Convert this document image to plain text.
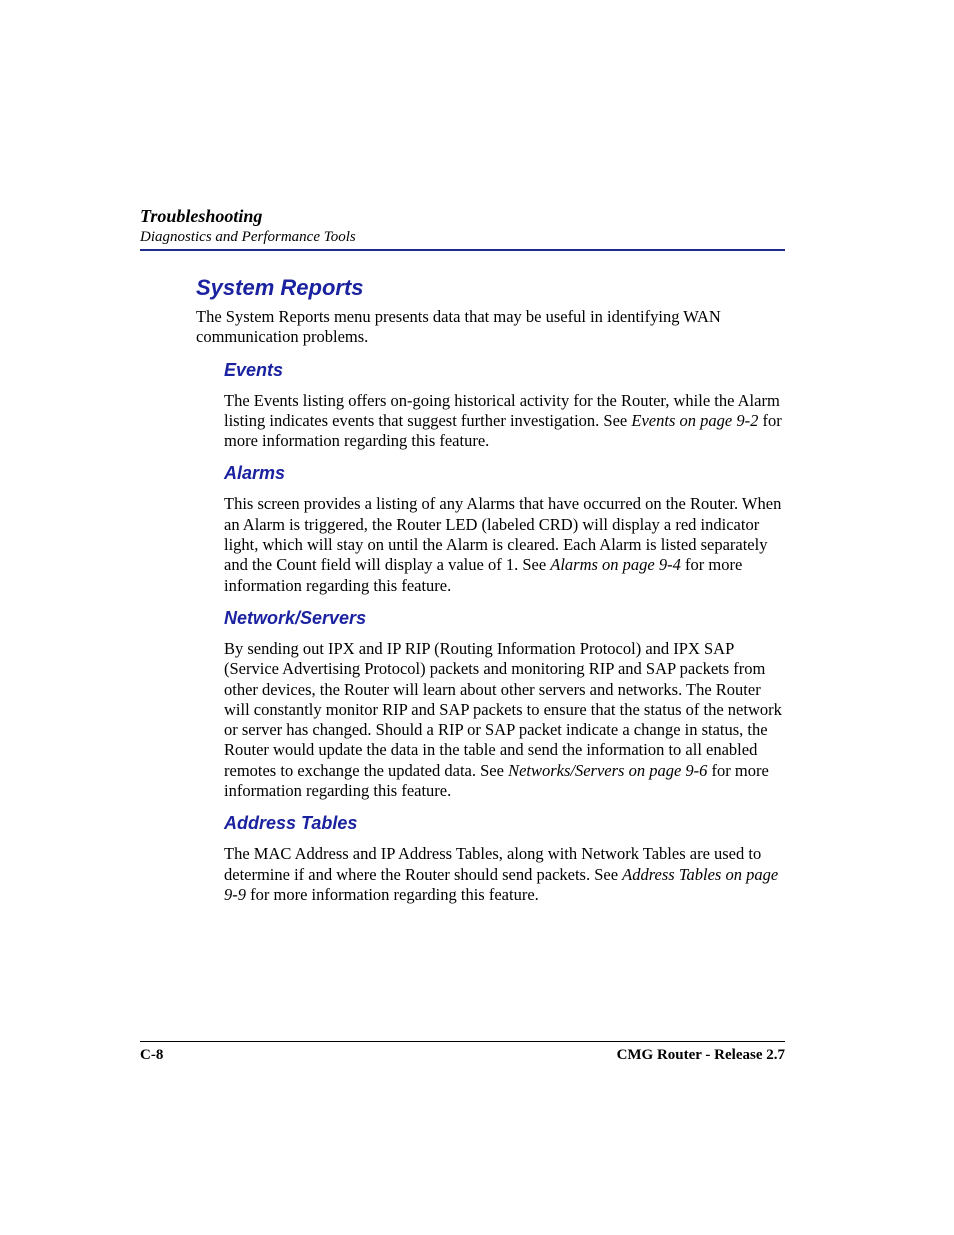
Troubleshooting
Diagnostics and Performance Tools
System Reports
The System Reports menu presents data that may be useful in identifying WAN communication problems.
Events
The Events listing offers on-going historical activity for the Router, while the Alarm listing indicates events that suggest further investigation. See Events on page 9-2 for more information regarding this feature.
Alarms
This screen provides a listing of any Alarms that have occurred on the Router. When an Alarm is triggered, the Router LED (labeled CRD) will display a red indicator light, which will stay on until the Alarm is cleared. Each Alarm is listed separately and the Count field will display a value of 1. See Alarms on page 9-4 for more information regarding this feature.
Network/Servers
By sending out IPX and IP RIP (Routing Information Protocol) and IPX SAP (Service Advertising Protocol) packets and monitoring RIP and SAP packets from other devices, the Router will learn about other servers and networks. The Router will constantly monitor RIP and SAP packets to ensure that the status of the network or server has changed. Should a RIP or SAP packet indicate a change in status, the Router would update the data in the table and send the information to all enabled remotes to exchange the updated data. See Networks/Servers on page 9-6 for more information regarding this feature.
Address Tables
The MAC Address and IP Address Tables, along with Network Tables are used to determine if and where the Router should send packets. See Address Tables on page 9-9 for more information regarding this feature.
C-8	CMG Router - Release 2.7
